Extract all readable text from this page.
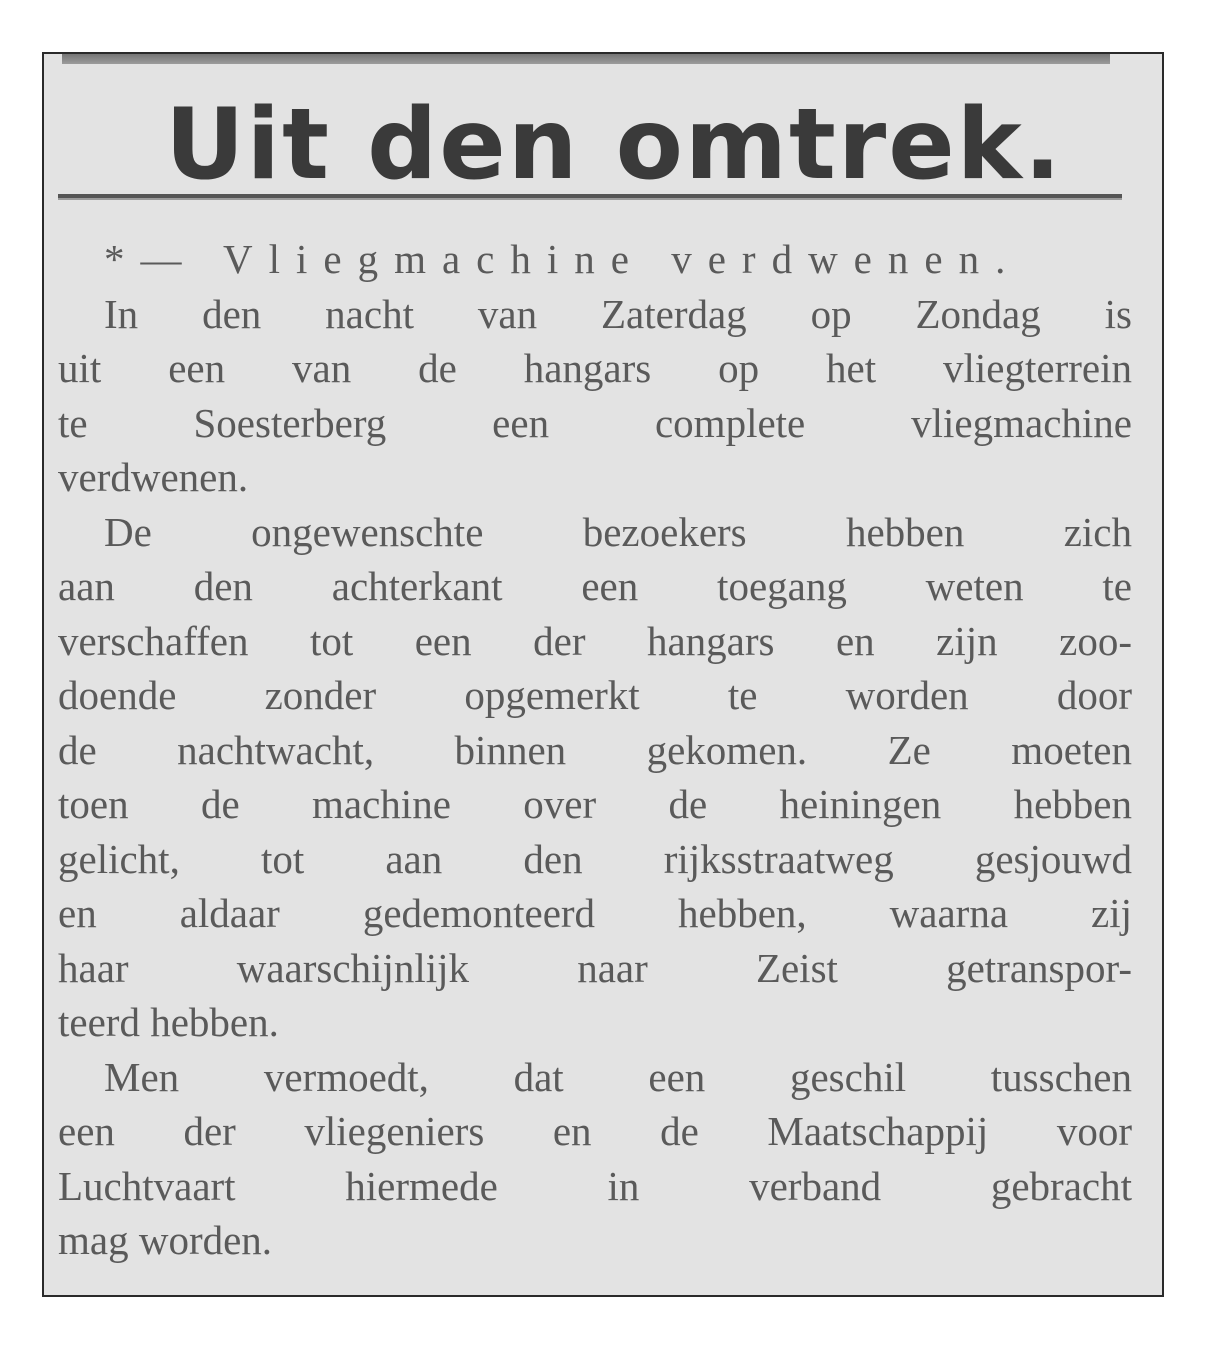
Uit den omtrek.
*— Vliegmachine verdwenen.
In den nacht van Zaterdag op Zondag is
uit een van de hangars op het vliegterrein
te Soesterberg een complete vliegmachine
verdwenen.
De ongewenschte bezoekers hebben zich
aan den achterkant een toegang weten te
verschaffen tot een der hangars en zijn zoo-
doende zonder opgemerkt te worden door
de nachtwacht, binnen gekomen. Ze moeten
toen de machine over de heiningen hebben
gelicht, tot aan den rijksstraatweg gesjouwd
en aldaar gedemonteerd hebben, waarna zij
haar waarschijnlijk naar Zeist getranspor-
teerd hebben.
Men vermoedt, dat een geschil tusschen
een der vliegeniers en de Maatschappij voor
Luchtvaart hiermede in verband gebracht
mag worden.
